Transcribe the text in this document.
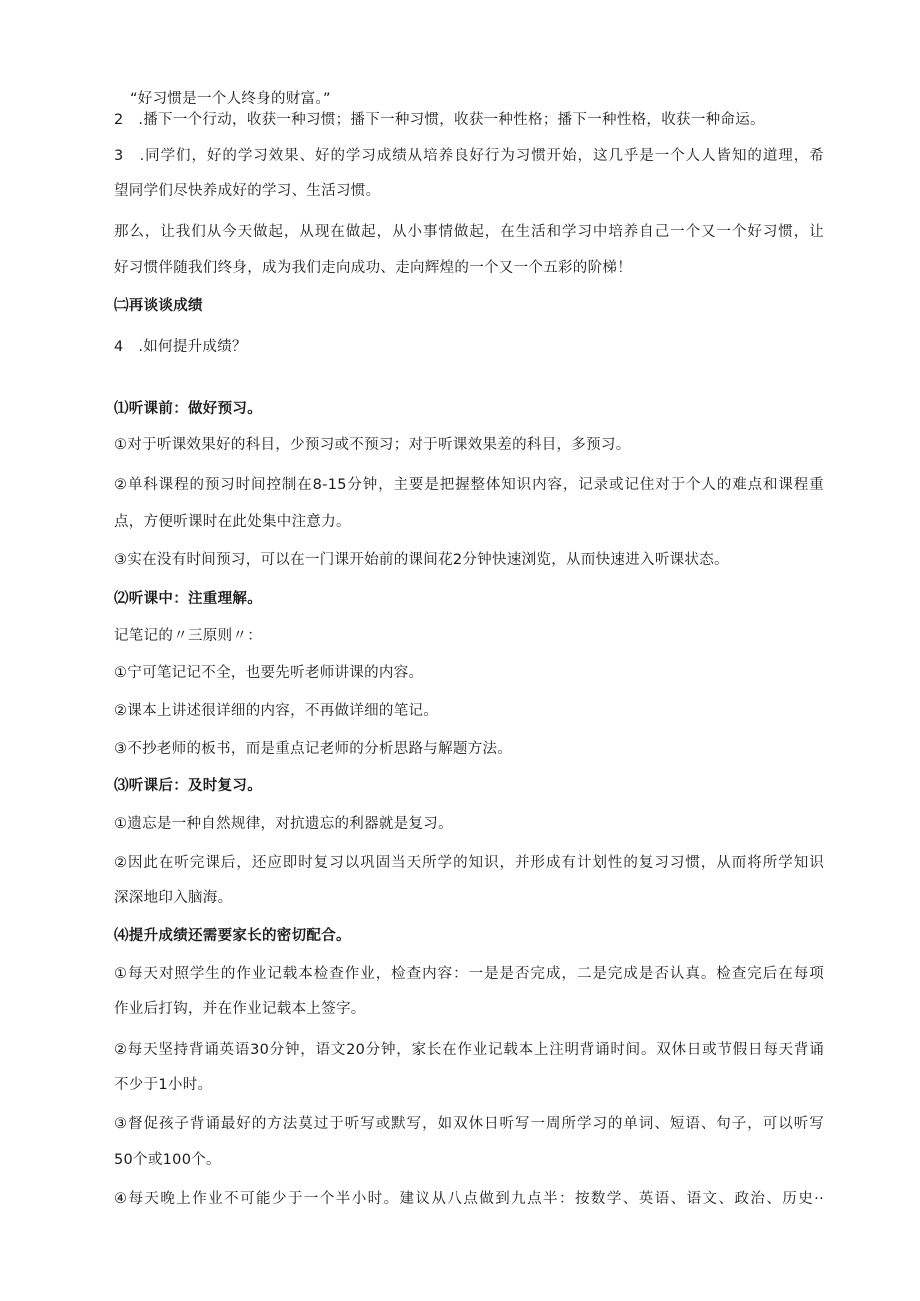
“好习惯是一个人终身的财富。”
2　.播下一个行动，收获一种习惯；播下一种习惯，收获一种性格；播下一种性格，收获一种命运。
3　.同学们，好的学习效果、好的学习成绩从培养良好行为习惯开始，这几乎是一个人人皆知的道理，希
望同学们尽快养成好的学习、生活习惯。
那么，让我们从今天做起，从现在做起，从小事情做起，在生活和学习中培养自己一个又一个好习惯，让
好习惯伴随我们终身，成为我们走向成功、走向辉煌的一个又一个五彩的阶梯！
㈡再谈谈成绩
4　.如何提升成绩？
⑴听课前：做好预习。
①对于听课效果好的科目，少预习或不预习；对于听课效果差的科目，多预习。
②单科课程的预习时间控制在8-15分钟，主要是把握整体知识内容，记录或记住对于个人的难点和课程重
点，方便听课时在此处集中注意力。
③实在没有时间预习，可以在一门课开始前的课间花2分钟快速浏览，从而快速进入听课状态。
⑵听课中：注重理解。
记笔记的〃三原则〃：
①宁可笔记记不全，也要先听老师讲课的内容。
②课本上讲述很详细的内容，不再做详细的笔记。
③不抄老师的板书，而是重点记老师的分析思路与解题方法。
⑶听课后：及时复习。
①遗忘是一种自然规律，对抗遗忘的利器就是复习。
②因此在听完课后，还应即时复习以巩固当天所学的知识，并形成有计划性的复习习惯，从而将所学知识
深深地印入脑海。
⑷提升成绩还需要家长的密切配合。
①每天对照学生的作业记载本检查作业，检查内容：一是是否完成，二是完成是否认真。检查完后在每项
作业后打钩，并在作业记载本上签字。
②每天坚持背诵英语30分钟，语文20分钟，家长在作业记载本上注明背诵时间。双休日或节假日每天背诵
不少于1小时。
③督促孩子背诵最好的方法莫过于听写或默写，如双休日听写一周所学习的单词、短语、句子，可以听写
50个或100个。
④每天晚上作业不可能少于一个半小时。建议从八点做到九点半：按数学、英语、语文、政治、历史··
